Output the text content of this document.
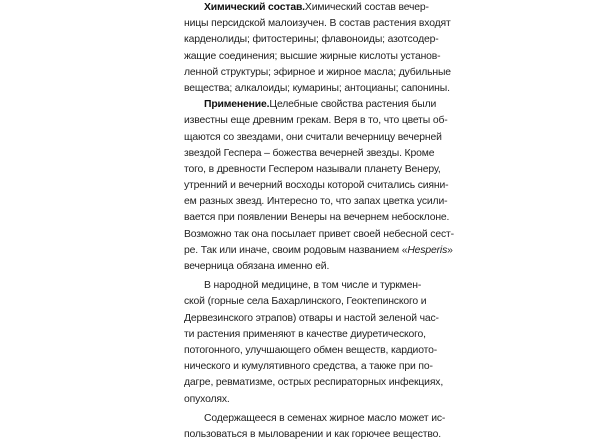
Химический состав. Химический состав вечер-
ницы персидской малоизучен. В состав растения входят
карденолиды; фитостерины; флавоноиды; азотсодер-
жащие соединения; высшие жирные кислоты установ-
ленной структуры; эфирное и жирное масла; дубильные
вещества; алкалоиды; кумарины; антоцианы; сапонины.
Применение. Целебные свойства растения были
известны еще древним грекам. Веря в то, что цветы об-
щаются со звездами, они считали вечерницу вечерней
звездой Геспера – божества вечерней звезды. Кроме
того, в древности Геспером называли планету Венеру,
утренний и вечерний восходы которой считались сияни-
ем разных звезд. Интересно то, что запах цветка усили-
вается при появлении Венеры на вечернем небосклоне.
Возможно так она посылает привет своей небесной сест-
ре. Так или иначе, своим родовым названием «Hesperis»
вечерница обязана именно ей.
В народной медицине, в том числе и туркмен-
ской (горные села Бахарлинского, Геоктепинского и
Дервезинского этрапов) отвары и настой зеленой час-
ти растения применяют в качестве диуретического,
потогонного, улучшающего обмен веществ, кардиото-
нического и кумулятивного средства, а также при по-
дагре, ревматизме, острых респираторных инфекциях,
опухолях.
Содержащееся в семенах жирное масло может ис-
пользоваться в мыловарении и как горючее вещество.
